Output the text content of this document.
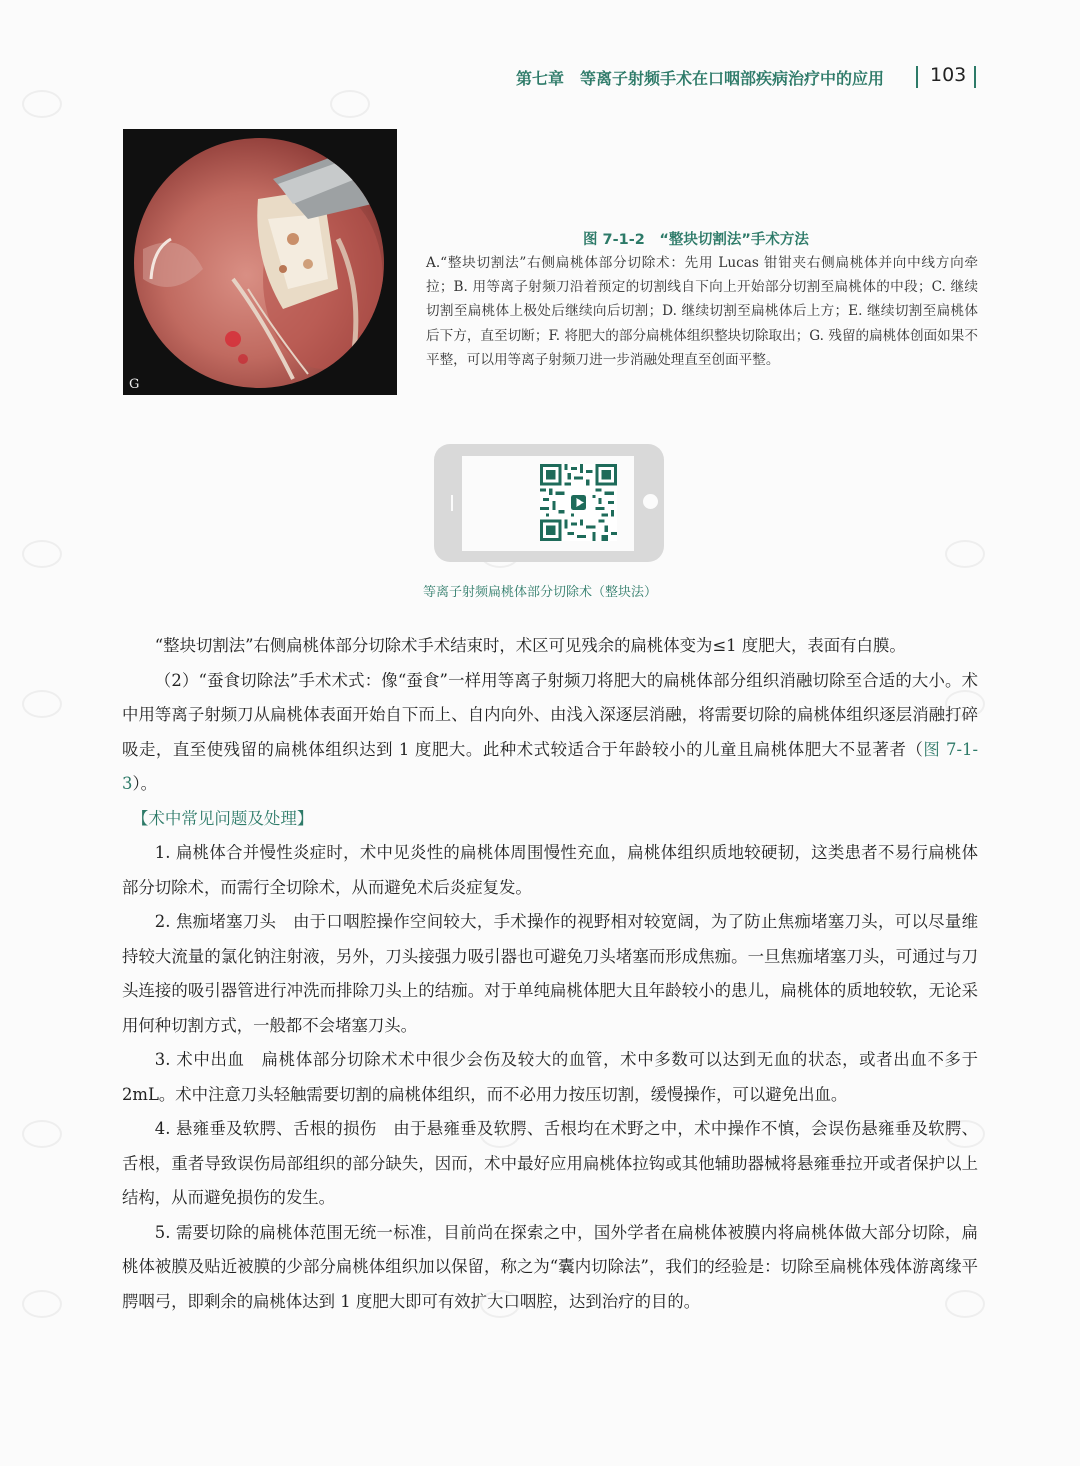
第七章　等离子射频手术在口咽部疾病治疗中的应用 103
G
图 7-1-2　“整块切割法”手术方法
A.“整块切割法”右侧扁桃体部分切除术：先用 Lucas 钳钳夹右侧扁桃体并向中线方向牵拉；B. 用等离子射频刀沿着预定的切割线自下向上开始部分切割至扁桃体的中段；C. 继续切割至扁桃体上极处后继续向后切割；D. 继续切割至扁桃体后上方；E. 继续切割至扁桃体后下方，直至切断；F. 将肥大的部分扁桃体组织整块切除取出；G. 残留的扁桃体创面如果不平整，可以用等离子射频刀进一步消融处理直至创面平整。
等离子射频扁桃体部分切除术（整块法）

“整块切割法”右侧扁桃体部分切除术手术结束时，术区可见残余的扁桃体变为≤1 度肥大，表面有白膜。

（2）“蚕食切除法”手术术式：像“蚕食”一样用等离子射频刀将肥大的扁桃体部分组织消融切除至合适的大小。术中用等离子射频刀从扁桃体表面开始自下而上、自内向外、由浅入深逐层消融，将需要切除的扁桃体组织逐层消融打碎吸走，直至使残留的扁桃体组织达到 1 度肥大。此种术式较适合于年龄较小的儿童且扁桃体肥大不显著者（图 7-1-3）。

【术中常见问题及处理】

1. 扁桃体合并慢性炎症时，术中见炎性的扁桃体周围慢性充血，扁桃体组织质地较硬韧，这类患者不易行扁桃体部分切除术，而需行全切除术，从而避免术后炎症复发。

2. 焦痂堵塞刀头　由于口咽腔操作空间较大，手术操作的视野相对较宽阔，为了防止焦痂堵塞刀头，可以尽量维持较大流量的氯化钠注射液，另外，刀头接强力吸引器也可避免刀头堵塞而形成焦痂。一旦焦痂堵塞刀头，可通过与刀头连接的吸引器管进行冲洗而排除刀头上的结痂。对于单纯扁桃体肥大且年龄较小的患儿，扁桃体的质地较软，无论采用何种切割方式，一般都不会堵塞刀头。

3. 术中出血　扁桃体部分切除术术中很少会伤及较大的血管，术中多数可以达到无血的状态，或者出血不多于 2mL。术中注意刀头轻触需要切割的扁桃体组织，而不必用力按压切割，缓慢操作，可以避免出血。

4. 悬雍垂及软腭、舌根的损伤　由于悬雍垂及软腭、舌根均在术野之中，术中操作不慎，会误伤悬雍垂及软腭、舌根，重者导致误伤局部组织的部分缺失，因而，术中最好应用扁桃体拉钩或其他辅助器械将悬雍垂拉开或者保护以上结构，从而避免损伤的发生。

5. 需要切除的扁桃体范围无统一标准，目前尚在探索之中，国外学者在扁桃体被膜内将扁桃体做大部分切除，扁桃体被膜及贴近被膜的少部分扁桃体组织加以保留，称之为“囊内切除法”，我们的经验是：切除至扁桃体残体游离缘平腭咽弓，即剩余的扁桃体达到 1 度肥大即可有效扩大口咽腔，达到治疗的目的。
